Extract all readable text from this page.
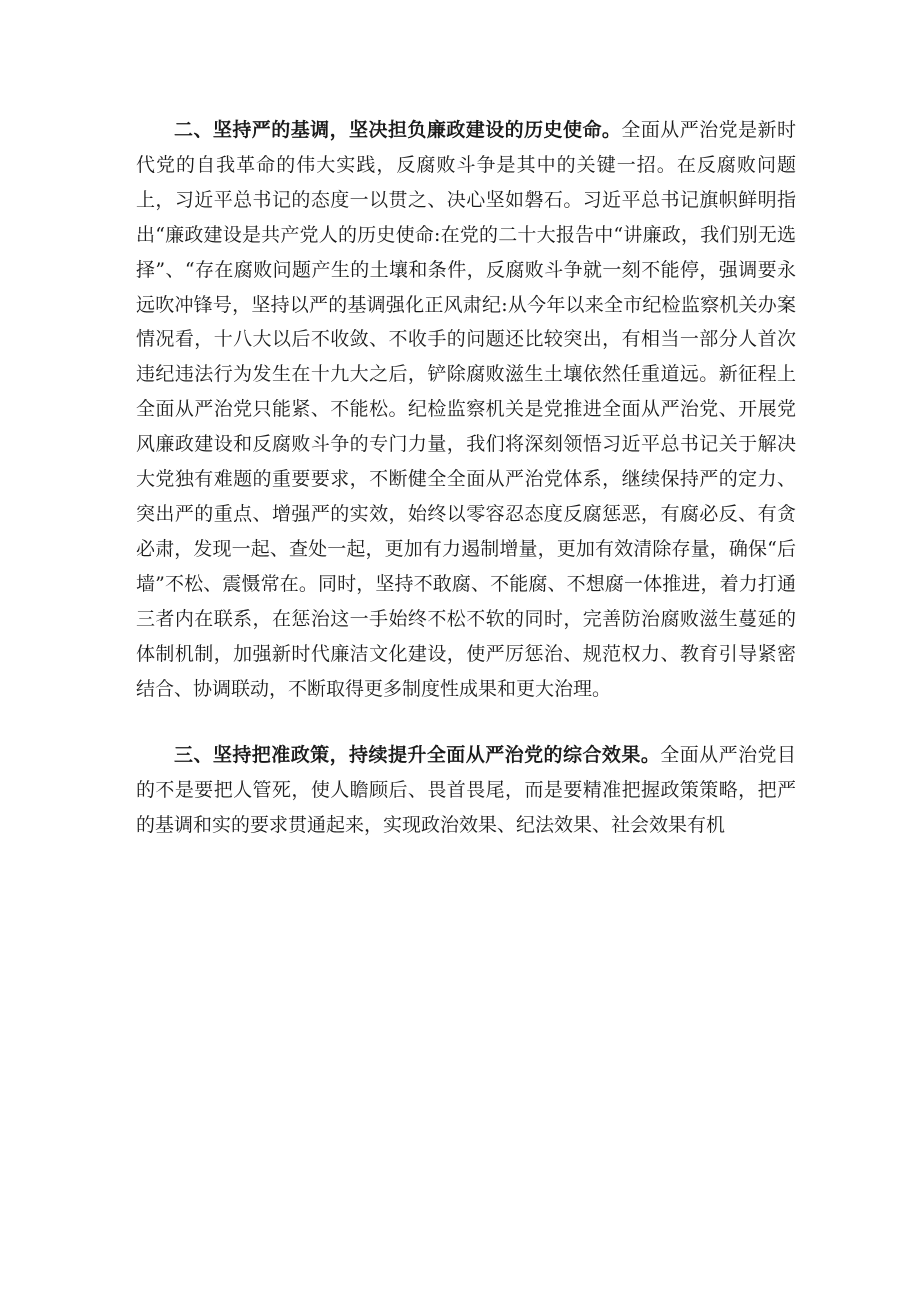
二、坚持严的基调，坚决担负廉政建设的历史使命。全面从严治党是新时代党的自我革命的伟大实践，反腐败斗争是其中的关键一招。在反腐败问题上，习近平总书记的态度一以贯之、决心坚如磐石。习近平总书记旗帜鲜明指出“廉政建设是共产党人的历史使命:在党的二十大报告中“讲廉政，我们别无选择”、“存在腐败问题产生的土壤和条件，反腐败斗争就一刻不能停，强调要永远吹冲锋号，坚持以严的基调强化正风肃纪:从今年以来全市纪检监察机关办案情况看，十八大以后不收敛、不收手的问题还比较突出，有相当一部分人首次违纪违法行为发生在十九大之后，铲除腐败滋生土壤依然任重道远。新征程上全面从严治党只能紧、不能松。纪检监察机关是党推进全面从严治党、开展党风廉政建设和反腐败斗争的专门力量，我们将深刻领悟习近平总书记关于解决大党独有难题的重要要求，不断健全全面从严治党体系，继续保持严的定力、突出严的重点、增强严的实效，始终以零容忍态度反腐惩恶，有腐必反、有贪必肃，发现一起、查处一起，更加有力遏制增量，更加有效清除存量，确保“后墙”不松、震慑常在。同时，坚持不敢腐、不能腐、不想腐一体推进，着力打通三者内在联系，在惩治这一手始终不松不软的同时，完善防治腐败滋生蔓延的体制机制，加强新时代廉洁文化建设，使严厉惩治、规范权力、教育引导紧密结合、协调联动，不断取得更多制度性成果和更大治理。

三、坚持把准政策，持续提升全面从严治党的综合效果。全面从严治党目的不是要把人管死，使人瞻顾后、畏首畏尾，而是要精准把握政策策略，把严的基调和实的要求贯通起来，实现政治效果、纪法效果、社会效果有机
